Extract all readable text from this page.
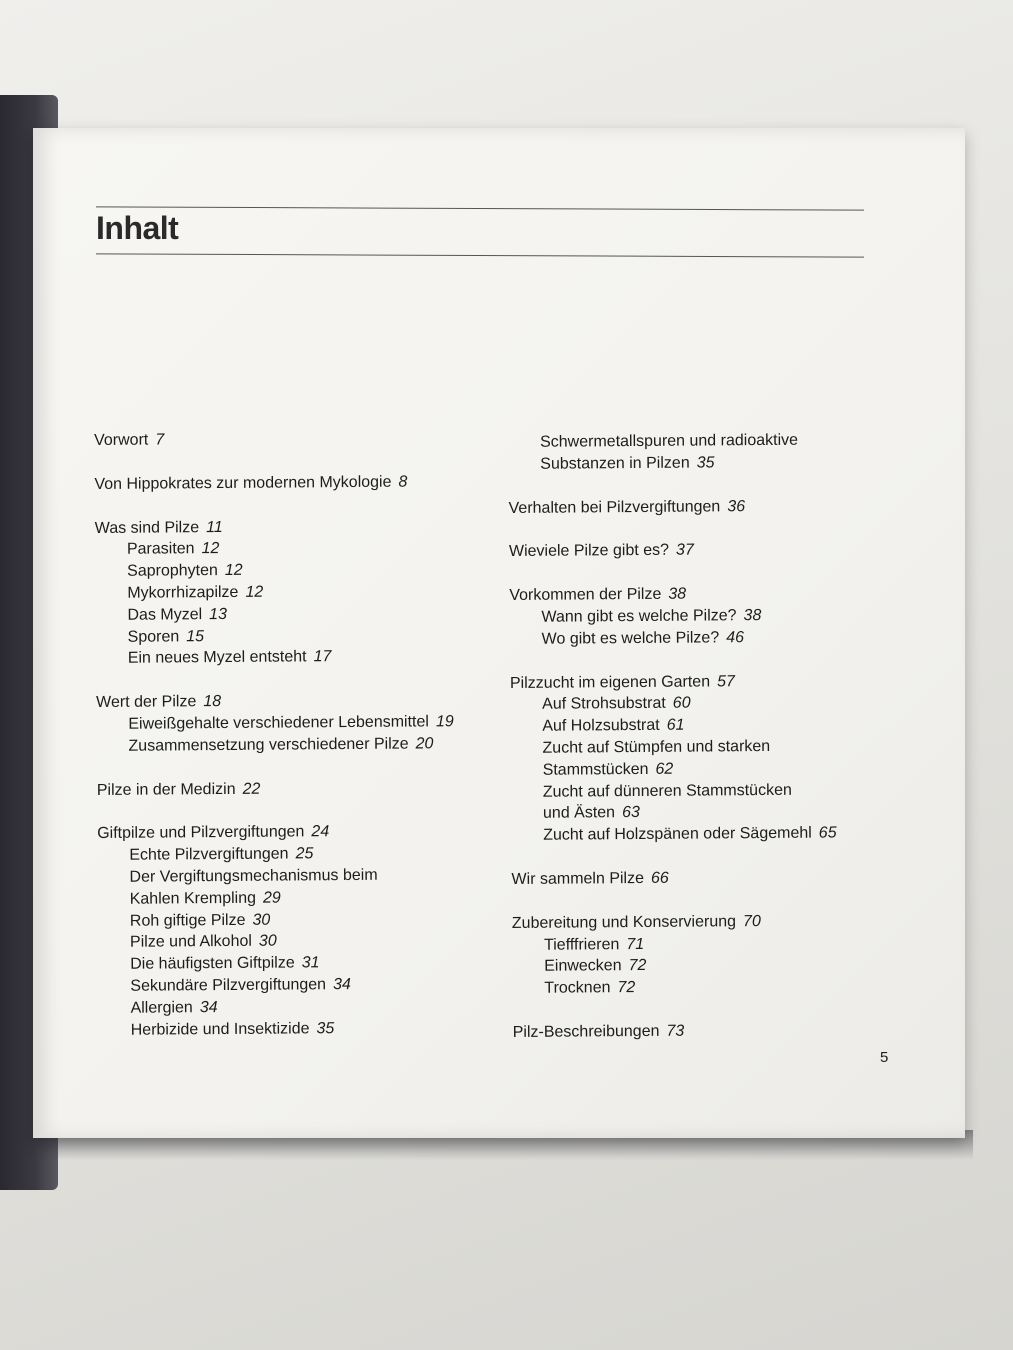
Inhalt
Vorwort 7
Von Hippokrates zur modernen Mykologie 8
Was sind Pilze 11
Parasiten 12
Saprophyten 12
Mykorrhizapilze 12
Das Myzel 13
Sporen 15
Ein neues Myzel entsteht 17
Wert der Pilze 18
Eiweißgehalte verschiedener Lebensmittel 19
Zusammensetzung verschiedener Pilze 20
Pilze in der Medizin 22
Giftpilze und Pilzvergiftungen 24
Echte Pilzvergiftungen 25
Der Vergiftungsmechanismus beim
Kahlen Krempling 29
Roh giftige Pilze 30
Pilze und Alkohol 30
Die häufigsten Giftpilze 31
Sekundäre Pilzvergiftungen 34
Allergien 34
Herbizide und Insektizide 35
Schwermetallspuren und radioaktive
Substanzen in Pilzen 35
Verhalten bei Pilzvergiftungen 36
Wieviele Pilze gibt es? 37
Vorkommen der Pilze 38
Wann gibt es welche Pilze? 38
Wo gibt es welche Pilze? 46
Pilzzucht im eigenen Garten 57
Auf Strohsubstrat 60
Auf Holzsubstrat 61
Zucht auf Stümpfen und starken
Stammstücken 62
Zucht auf dünneren Stammstücken
und Ästen 63
Zucht auf Holzspänen oder Sägemehl 65
Wir sammeln Pilze 66
Zubereitung und Konservierung 70
Tiefffrieren 71
Einwecken 72
Trocknen 72
Pilz-Beschreibungen 73
5
